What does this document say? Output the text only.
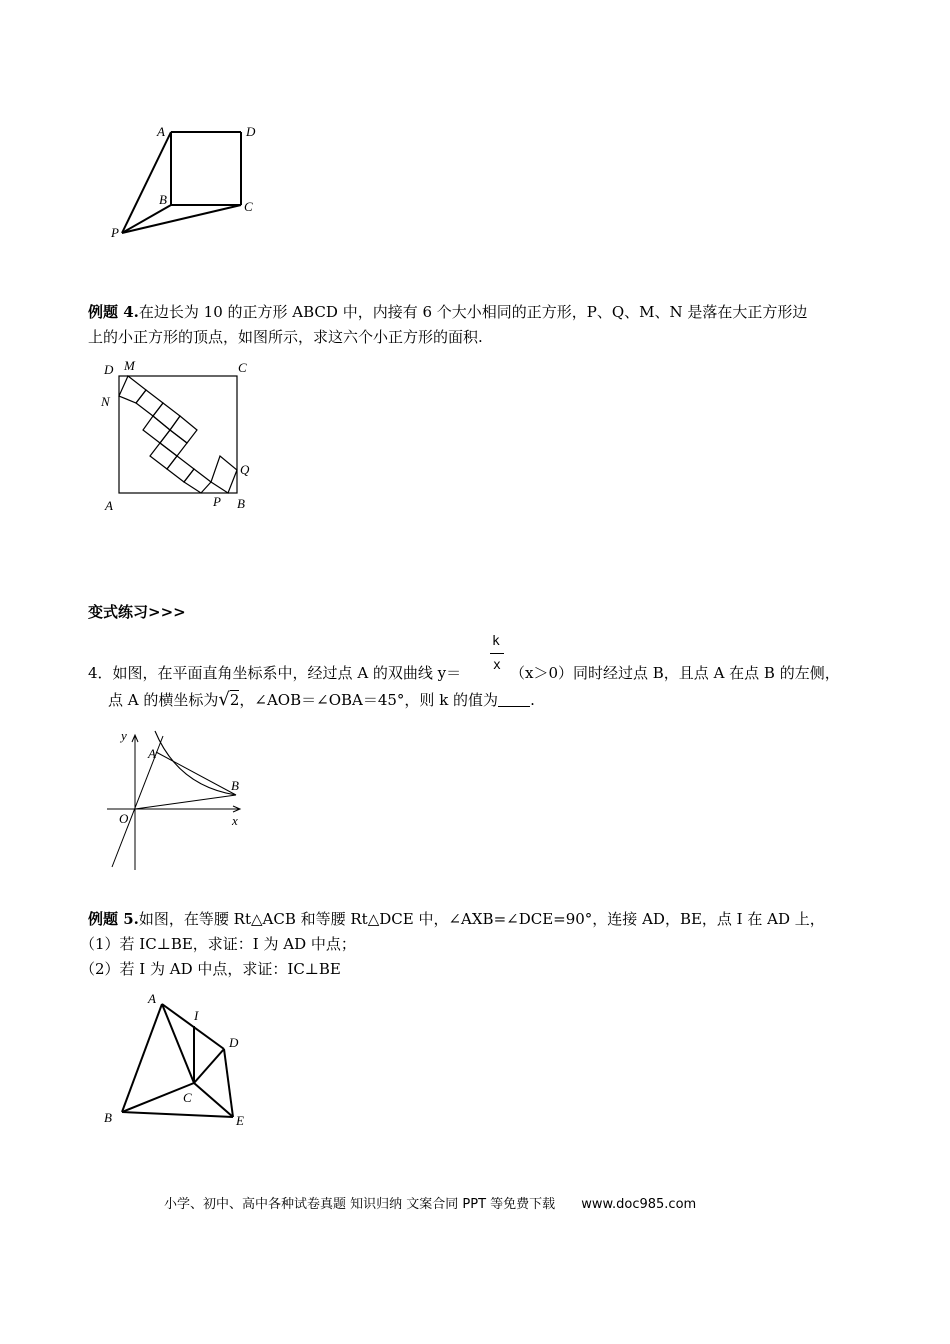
A	D
B	C
P
例题 4.在边长为 10 的正方形 ABCD 中，内接有 6 个大小相同的正方形，P、Q、M、N 是落在大正方形边
上的小正方形的顶点，如图所示，求这六个小正方形的面积.
D M	C
N
Q
A	P B
变式练习>>>
k
x
4．如图，在平面直角坐标系中，经过点 A 的双曲线 y＝	（x＞0）同时经过点 B，且点 A 在点 B 的左侧，
点 A 的横坐标为√2，∠AOB＝∠OBA＝45°，则 k 的值为 .
y
A
B
O	x
例题 5.如图，在等腰 Rt△ACB 和等腰 Rt△DCE 中，∠AXB=∠DCE=90°，连接 AD，BE，点 I 在 AD 上，
（1）若 IC⊥BE，求证：I 为 AD 中点；
（2）若 I 为 AD 中点，求证：IC⊥BE
A
I
D
C
B	E
小学、初中、高中各种试卷真题 知识归纳 文案合同 PPT 等免费下载 www.doc985.com
